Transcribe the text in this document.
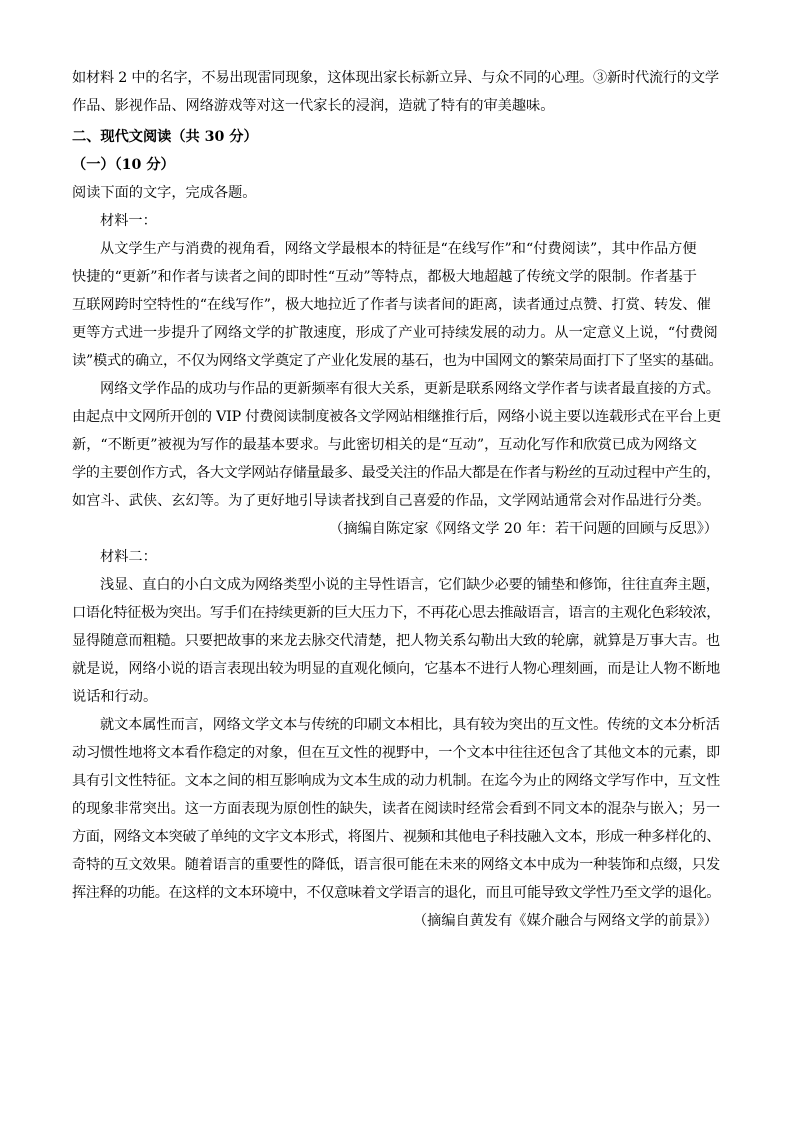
如材料 2 中的名字，不易出现雷同现象，这体现出家长标新立异、与众不同的心理。③新时代流行的文学
作品、影视作品、网络游戏等对这一代家长的浸润，造就了特有的审美趣味。
二、现代文阅读（共 30 分）
（一）（10 分）
阅读下面的文字，完成各题。
材料一：
从文学生产与消费的视角看，网络文学最根本的特征是“在线写作”和“付费阅读”，其中作品方便
快捷的“更新”和作者与读者之间的即时性“互动”等特点，都极大地超越了传统文学的限制。作者基于
互联网跨时空特性的“在线写作”，极大地拉近了作者与读者间的距离，读者通过点赞、打赏、转发、催
更等方式进一步提升了网络文学的扩散速度，形成了产业可持续发展的动力。从一定意义上说，“付费阅
读”模式的确立，不仅为网络文学奠定了产业化发展的基石，也为中国网文的繁荣局面打下了坚实的基础。
网络文学作品的成功与作品的更新频率有很大关系，更新是联系网络文学作者与读者最直接的方式。
由起点中文网所开创的 VIP 付费阅读制度被各文学网站相继推行后，网络小说主要以连载形式在平台上更
新，“不断更”被视为写作的最基本要求。与此密切相关的是“互动”，互动化写作和欣赏已成为网络文
学的主要创作方式，各大文学网站存储量最多、最受关注的作品大都是在作者与粉丝的互动过程中产生的，
如宫斗、武侠、玄幻等。为了更好地引导读者找到自己喜爱的作品，文学网站通常会对作品进行分类。
（摘编自陈定家《网络文学 20 年：若干问题的回顾与反思》）
材料二：
浅显、直白的小白文成为网络类型小说的主导性语言，它们缺少必要的铺垫和修饰，往往直奔主题，
口语化特征极为突出。写手们在持续更新的巨大压力下，不再花心思去推敲语言，语言的主观化色彩较浓，
显得随意而粗糙。只要把故事的来龙去脉交代清楚，把人物关系勾勒出大致的轮廓，就算是万事大吉。也
就是说，网络小说的语言表现出较为明显的直观化倾向，它基本不进行人物心理刻画，而是让人物不断地
说话和行动。
就文本属性而言，网络文学文本与传统的印刷文本相比，具有较为突出的互文性。传统的文本分析活
动习惯性地将文本看作稳定的对象，但在互文性的视野中，一个文本中往往还包含了其他文本的元素，即
具有引文性特征。文本之间的相互影响成为文本生成的动力机制。在迄今为止的网络文学写作中，互文性
的现象非常突出。这一方面表现为原创性的缺失，读者在阅读时经常会看到不同文本的混杂与嵌入；另一
方面，网络文本突破了单纯的文字文本形式，将图片、视频和其他电子科技融入文本，形成一种多样化的、
奇特的互文效果。随着语言的重要性的降低，语言很可能在未来的网络文本中成为一种装饰和点缀，只发
挥注释的功能。在这样的文本环境中，不仅意味着文学语言的退化，而且可能导致文学性乃至文学的退化。
（摘编自黄发有《媒介融合与网络文学的前景》）
